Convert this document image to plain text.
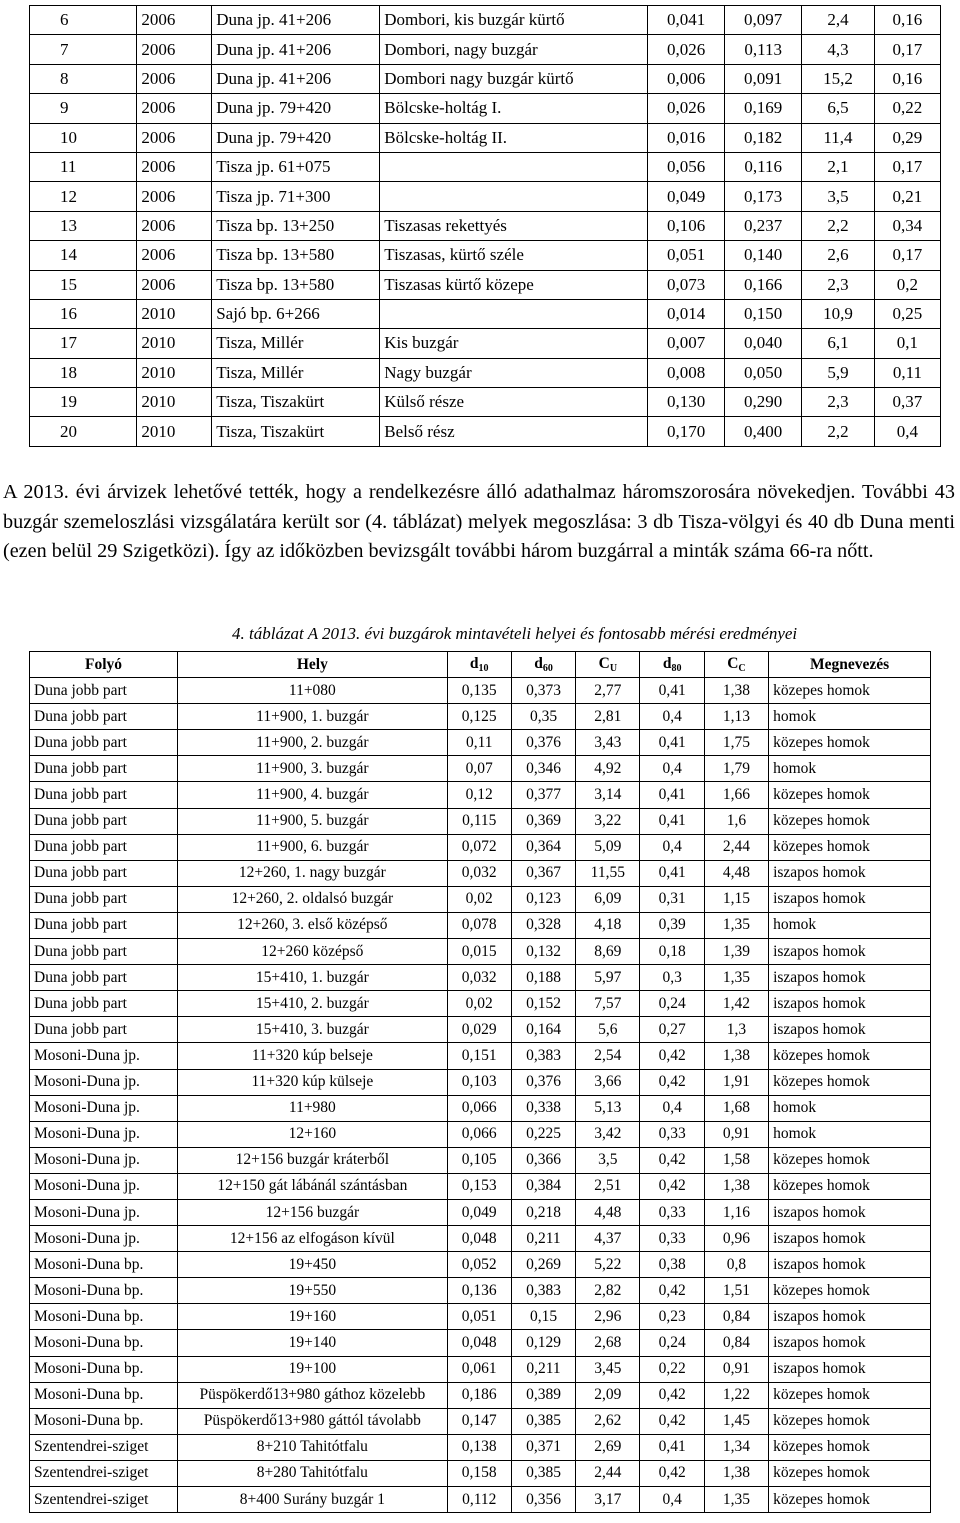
6	2006	Duna jp. 41+206	Dombori, kis buzgár kürtő	0,041	0,097	2,4	0,16
7	2006	Duna jp. 41+206	Dombori, nagy buzgár	0,026	0,113	4,3	0,17
8	2006	Duna jp. 41+206	Dombori nagy buzgár kürtő	0,006	0,091	15,2	0,16
9	2006	Duna jp. 79+420	Bölcske-holtág I.	0,026	0,169	6,5	0,22
10	2006	Duna jp. 79+420	Bölcske-holtág II.	0,016	0,182	11,4	0,29
11	2006	Tisza jp. 61+075		0,056	0,116	2,1	0,17
12	2006	Tisza jp. 71+300		0,049	0,173	3,5	0,21
13	2006	Tisza bp. 13+250	Tiszasas rekettyés	0,106	0,237	2,2	0,34
14	2006	Tisza bp. 13+580	Tiszasas, kürtő széle	0,051	0,140	2,6	0,17
15	2006	Tisza bp. 13+580	Tiszasas kürtő közepe	0,073	0,166	2,3	0,2
16	2010	Sajó bp. 6+266		0,014	0,150	10,9	0,25
17	2010	Tisza, Millér	Kis buzgár	0,007	0,040	6,1	0,1
18	2010	Tisza, Millér	Nagy buzgár	0,008	0,050	5,9	0,11
19	2010	Tisza, Tiszakürt	Külső része	0,130	0,290	2,3	0,37
20	2010	Tisza, Tiszakürt	Belső rész	0,170	0,400	2,2	0,4

A 2013. évi árvizek lehetővé tették, hogy a rendelkezésre álló adathalmaz háromszorosára növekedjen. További 43 buzgár szemeloszlási vizsgálatára került sor (4. táblázat) melyek megoszlása: 3 db Tisza-völgyi és 40 db Duna menti (ezen belül 29 Szigetközi). Így az időközben bevizsgált további három buzgárral a minták száma 66-ra nőtt.

4. táblázat A 2013. évi buzgárok mintavételi helyei és fontosabb mérési eredményei

Folyó	Hely	$d_{10}$	$d_{60}$	$C_U$	$d_{80}$	$C_C$	Megnevezés
Duna jobb part	11+080	0,135	0,373	2,77	0,41	1,38	közepes homok
Duna jobb part	11+900, 1. buzgár	0,125	0,35	2,81	0,4	1,13	homok
Duna jobb part	11+900, 2. buzgár	0,11	0,376	3,43	0,41	1,75	közepes homok
Duna jobb part	11+900, 3. buzgár	0,07	0,346	4,92	0,4	1,79	homok
Duna jobb part	11+900, 4. buzgár	0,12	0,377	3,14	0,41	1,66	közepes homok
Duna jobb part	11+900, 5. buzgár	0,115	0,369	3,22	0,41	1,6	közepes homok
Duna jobb part	11+900, 6. buzgár	0,072	0,364	5,09	0,4	2,44	közepes homok
Duna jobb part	12+260, 1. nagy buzgár	0,032	0,367	11,55	0,41	4,48	iszapos homok
Duna jobb part	12+260, 2. oldalsó buzgár	0,02	0,123	6,09	0,31	1,15	iszapos homok
Duna jobb part	12+260, 3. első középső	0,078	0,328	4,18	0,39	1,35	homok
Duna jobb part	12+260 középső	0,015	0,132	8,69	0,18	1,39	iszapos homok
Duna jobb part	15+410, 1. buzgár	0,032	0,188	5,97	0,3	1,35	iszapos homok
Duna jobb part	15+410, 2. buzgár	0,02	0,152	7,57	0,24	1,42	iszapos homok
Duna jobb part	15+410, 3. buzgár	0,029	0,164	5,6	0,27	1,3	iszapos homok
Mosoni-Duna jp.	11+320 kúp belseje	0,151	0,383	2,54	0,42	1,38	közepes homok
Mosoni-Duna jp.	11+320 kúp külseje	0,103	0,376	3,66	0,42	1,91	közepes homok
Mosoni-Duna jp.	11+980	0,066	0,338	5,13	0,4	1,68	homok
Mosoni-Duna jp.	12+160	0,066	0,225	3,42	0,33	0,91	homok
Mosoni-Duna jp.	12+156 buzgár kráterből	0,105	0,366	3,5	0,42	1,58	közepes homok
Mosoni-Duna jp.	12+150 gát lábánál szántásban	0,153	0,384	2,51	0,42	1,38	közepes homok
Mosoni-Duna jp.	12+156 buzgár	0,049	0,218	4,48	0,33	1,16	iszapos homok
Mosoni-Duna jp.	12+156 az elfogáson kívül	0,048	0,211	4,37	0,33	0,96	iszapos homok
Mosoni-Duna bp.	19+450	0,052	0,269	5,22	0,38	0,8	iszapos homok
Mosoni-Duna bp.	19+550	0,136	0,383	2,82	0,42	1,51	közepes homok
Mosoni-Duna bp.	19+160	0,051	0,15	2,96	0,23	0,84	iszapos homok
Mosoni-Duna bp.	19+140	0,048	0,129	2,68	0,24	0,84	iszapos homok
Mosoni-Duna bp.	19+100	0,061	0,211	3,45	0,22	0,91	iszapos homok
Mosoni-Duna bp.	Püspökerdő13+980 gáthoz közelebb	0,186	0,389	2,09	0,42	1,22	közepes homok
Mosoni-Duna bp.	Püspökerdő13+980 gáttól távolabb	0,147	0,385	2,62	0,42	1,45	közepes homok
Szentendrei-sziget	8+210 Tahitótfalu	0,138	0,371	2,69	0,41	1,34	közepes homok
Szentendrei-sziget	8+280 Tahitótfalu	0,158	0,385	2,44	0,42	1,38	közepes homok
Szentendrei-sziget	8+400 Surány buzgár 1	0,112	0,356	3,17	0,4	1,35	közepes homok
